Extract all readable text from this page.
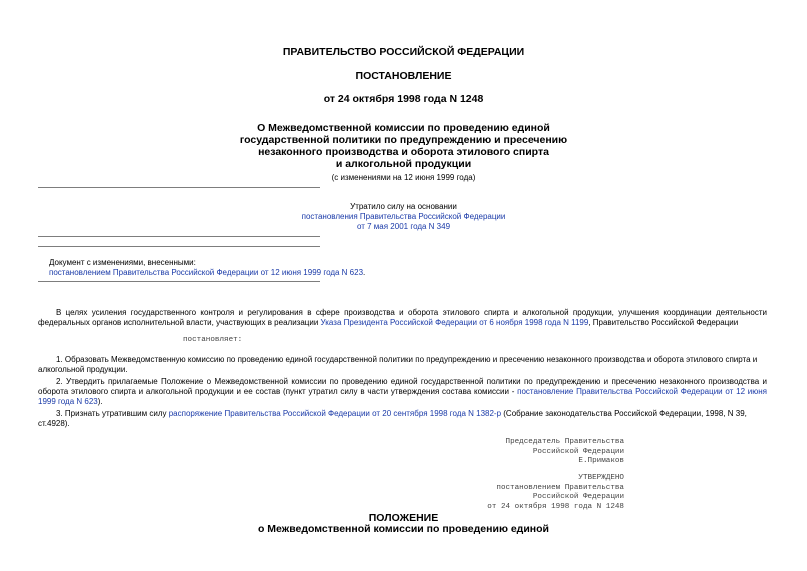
ПРАВИТЕЛЬСТВО РОССИЙСКОЙ ФЕДЕРАЦИИ
ПОСТАНОВЛЕНИЕ
от 24 октября 1998 года N 1248
О Межведомственной комиссии по проведению единой
государственной политики по предупреждению и пресечению
незаконного производства и оборота этилового спирта
и алкогольной продукции
(с изменениями на 12 июня 1999 года)
Утратило силу на основании
постановления Правительства Российской Федерации
от 7 мая 2001 года N 349
Документ с изменениями, внесенными:
постановлением Правительства Российской Федерации от 12 июня 1999 года N 623.
В целях усиления государственного контроля и регулирования в сфере производства и оборота этилового спирта и алкогольной продукции, улучшения координации деятельности федеральных органов исполнительной власти, участвующих в реализации Указа Президента Российской Федерации от 6 ноября 1998 года N 1199, Правительство Российской Федерации
постановляет:
1. Образовать Межведомственную комиссию по проведению единой государственной политики по предупреждению и пресечению незаконного производства и оборота этилового спирта и алкогольной продукции.
2. Утвердить прилагаемые Положение о Межведомственной комиссии по проведению единой государственной политики по предупреждению и пресечению незаконного производства и оборота этилового спирта и алкогольной продукции и ее состав (пункт утратил силу в части утверждения состава комиссии - постановление Правительства Российской Федерации от 12 июня 1999 года N 623).
3. Признать утратившим силу распоряжение Правительства Российской Федерации от 20 сентября 1998 года N 1382-р (Собрание законодательства Российской Федерации, 1998, N 39, ст.4928).
Председатель Правительства
Российской Федерации
Е.Примаков
УТВЕРЖДЕНО
постановлением Правительства
Российской Федерации
от 24 октября 1998 года N 1248
ПОЛОЖЕНИЕ
о Межведомственной комиссии по проведению единой
